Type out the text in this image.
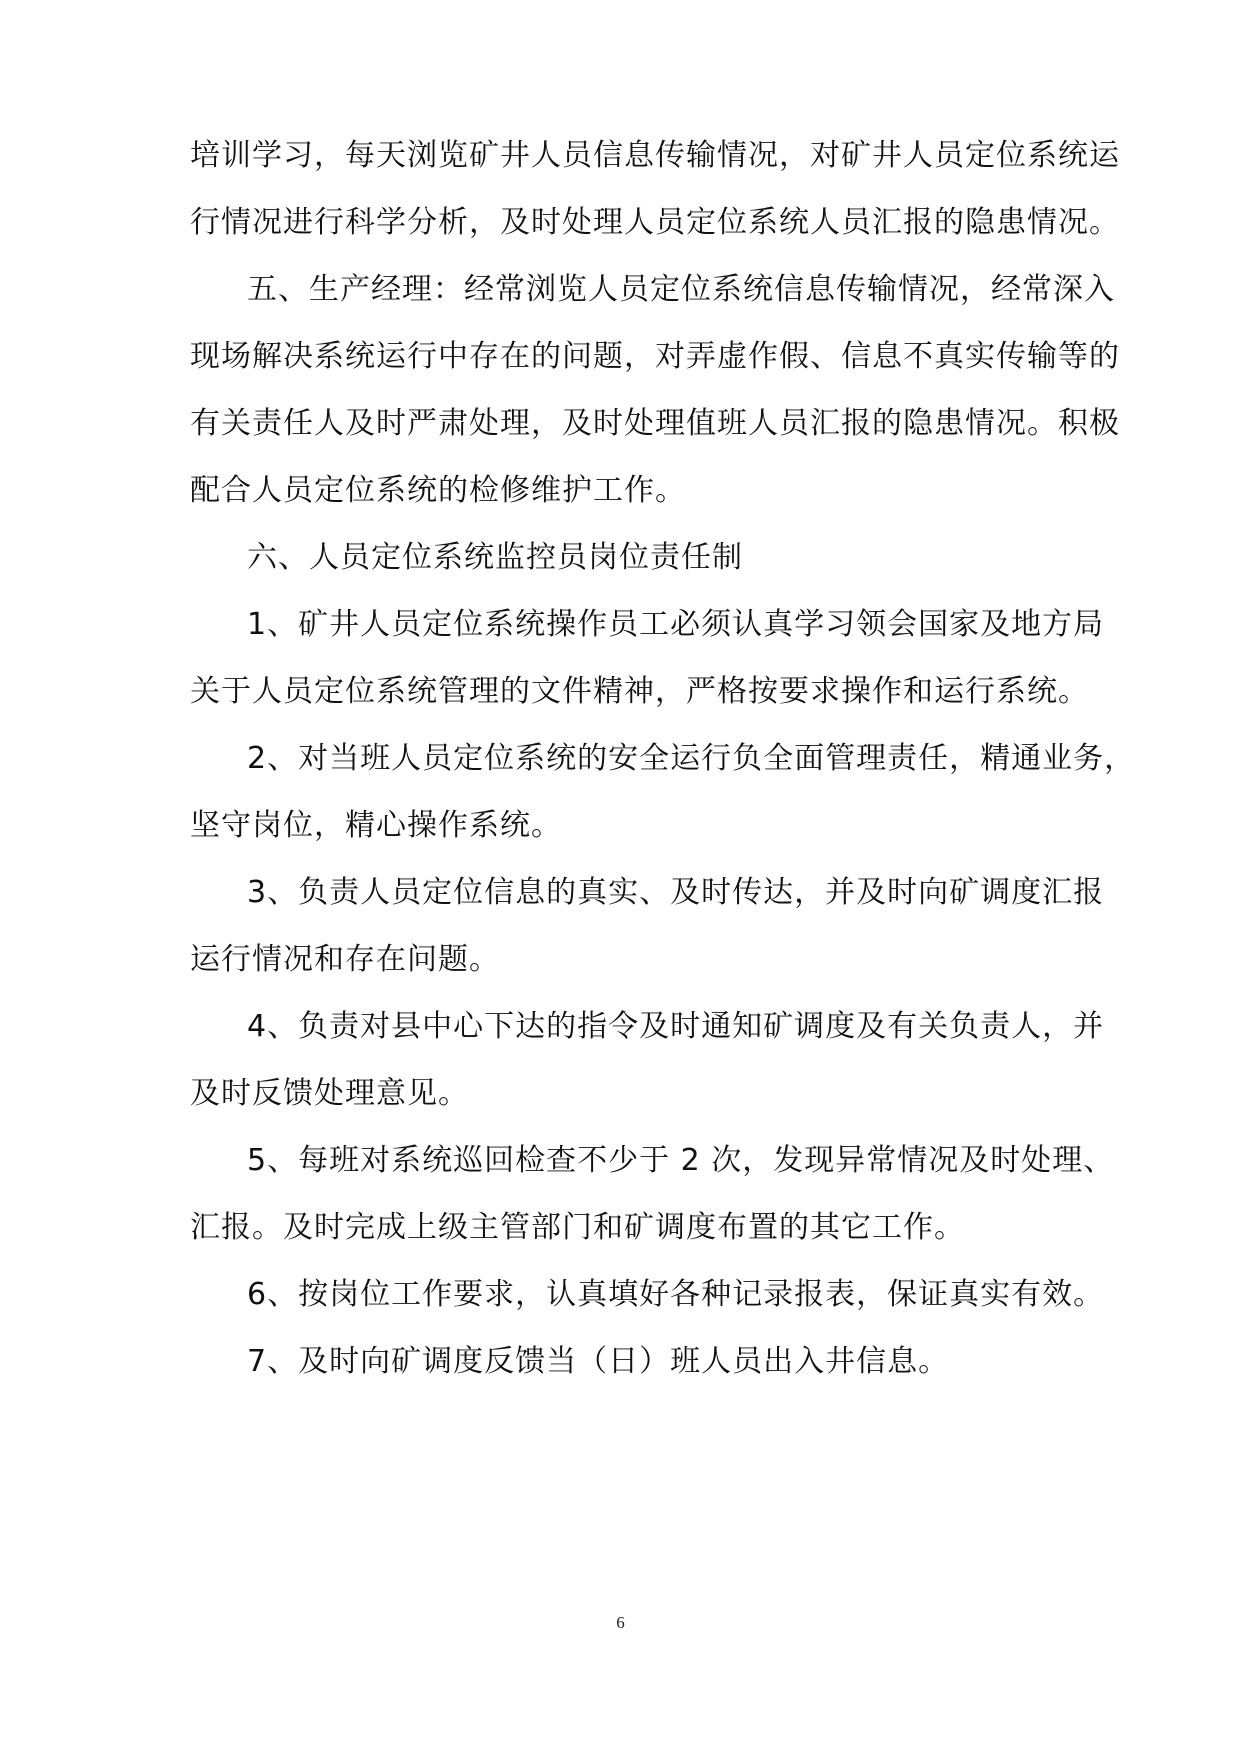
培训学习，每天浏览矿井人员信息传输情况，对矿井人员定位系统运
行情况进行科学分析，及时处理人员定位系统人员汇报的隐患情况。
五、生产经理：经常浏览人员定位系统信息传输情况，经常深入
现场解决系统运行中存在的问题，对弄虚作假、信息不真实传输等的
有关责任人及时严肃处理，及时处理值班人员汇报的隐患情况。积极
配合人员定位系统的检修维护工作。
六、人员定位系统监控员岗位责任制
1、矿井人员定位系统操作员工必须认真学习领会国家及地方局
关于人员定位系统管理的文件精神，严格按要求操作和运行系统。
2、对当班人员定位系统的安全运行负全面管理责任，精通业务，
坚守岗位，精心操作系统。
3、负责人员定位信息的真实、及时传达，并及时向矿调度汇报
运行情况和存在问题。
4、负责对县中心下达的指令及时通知矿调度及有关负责人，并
及时反馈处理意见。
5、每班对系统巡回检查不少于 2 次，发现异常情况及时处理、
汇报。及时完成上级主管部门和矿调度布置的其它工作。
6、按岗位工作要求，认真填好各种记录报表，保证真实有效。
7、及时向矿调度反馈当（日）班人员出入井信息。
6
